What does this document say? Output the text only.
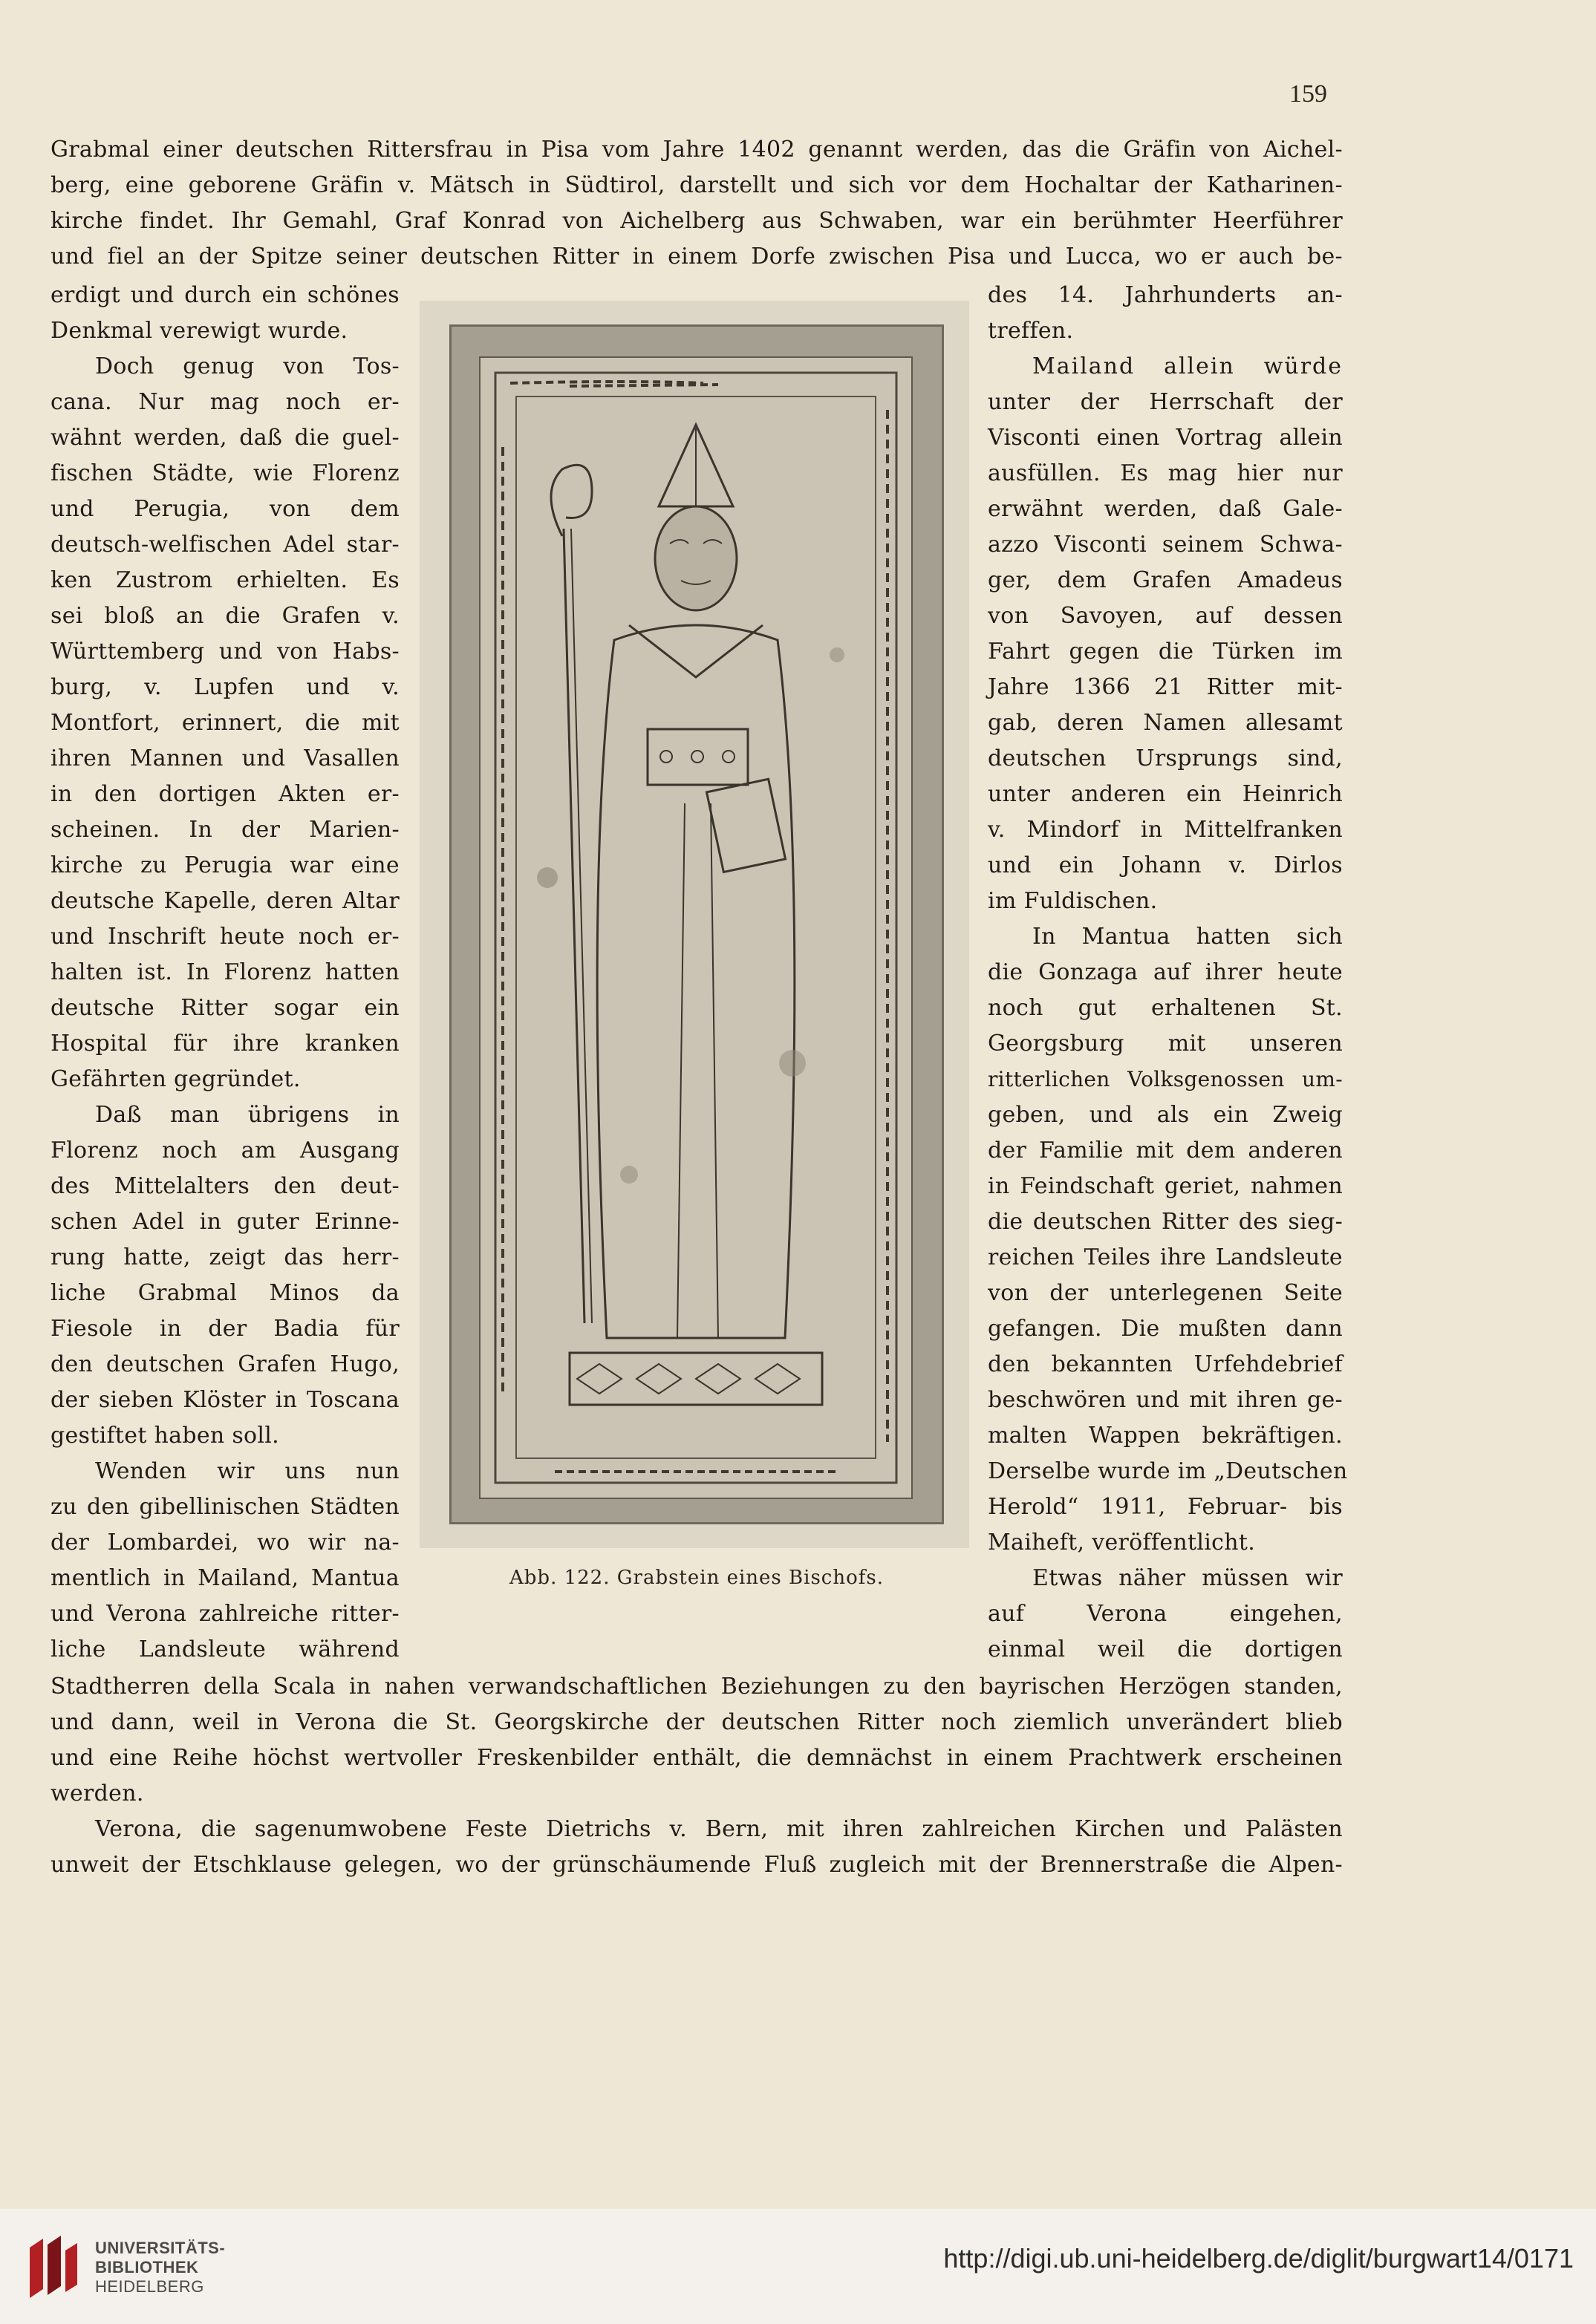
159
Grabmal einer deutschen Rittersfrau in Pisa vom Jahre 1402 genannt werden, das die Gräfin von Aichel-
berg, eine geborene Gräfin v. Mätsch in Südtirol, darstellt und sich vor dem Hochaltar der Katharinen-
kirche findet. Ihr Gemahl, Graf Konrad von Aichelberg aus Schwaben, war ein berühmter Heerführer
und fiel an der Spitze seiner deutschen Ritter in einem Dorfe zwischen Pisa und Lucca, wo er auch be-
erdigt und durch ein schönes
Denkmal verewigt wurde.
Doch genug von Tos-
cana. Nur mag noch er-
wähnt werden, daß die guel-
fischen Städte, wie Florenz
und Perugia, von dem
deutsch-welfischen Adel star-
ken Zustrom erhielten. Es
sei bloß an die Grafen v.
Württemberg und von Habs-
burg, v. Lupfen und v.
Montfort, erinnert, die mit
ihren Mannen und Vasallen
in den dortigen Akten er-
scheinen. In der Marien-
kirche zu Perugia war eine
deutsche Kapelle, deren Altar
und Inschrift heute noch er-
halten ist. In Florenz hatten
deutsche Ritter sogar ein
Hospital für ihre kranken
Gefährten gegründet.
Daß man übrigens in
Florenz noch am Ausgang
des Mittelalters den deut-
schen Adel in guter Erinne-
rung hatte, zeigt das herr-
liche Grabmal Minos da
Fiesole in der Badia für
den deutschen Grafen Hugo,
der sieben Klöster in Toscana
gestiftet haben soll.
Wenden wir uns nun
zu den gibellinischen Städten
der Lombardei, wo wir na-
mentlich in Mailand, Mantua
und Verona zahlreiche ritter-
liche Landsleute während
Abb. 122. Grabstein eines Bischofs.
des 14. Jahrhunderts an-
treffen.
Mailand allein würde
unter der Herrschaft der
Visconti einen Vortrag allein
ausfüllen. Es mag hier nur
erwähnt werden, daß Gale-
azzo Visconti seinem Schwa-
ger, dem Grafen Amadeus
von Savoyen, auf dessen
Fahrt gegen die Türken im
Jahre 1366 21 Ritter mit-
gab, deren Namen allesamt
deutschen Ursprungs sind,
unter anderen ein Heinrich
v. Mindorf in Mittelfranken
und ein Johann v. Dirlos
im Fuldischen.
In Mantua hatten sich
die Gonzaga auf ihrer heute
noch gut erhaltenen St.
Georgsburg mit unseren
ritterlichen Volksgenossen um-
geben, und als ein Zweig
der Familie mit dem anderen
in Feindschaft geriet, nahmen
die deutschen Ritter des sieg-
reichen Teiles ihre Landsleute
von der unterlegenen Seite
gefangen. Die mußten dann
den bekannten Urfehdebrief
beschwören und mit ihren ge-
malten Wappen bekräftigen.
Derselbe wurde im „Deutschen
Herold“ 1911, Februar- bis
Maiheft, veröffentlicht.
Etwas näher müssen wir
auf Verona eingehen,
einmal weil die dortigen
Stadtherren della Scala in nahen verwandschaftlichen Beziehungen zu den bayrischen Herzögen standen,
und dann, weil in Verona die St. Georgskirche der deutschen Ritter noch ziemlich unverändert blieb
und eine Reihe höchst wertvoller Freskenbilder enthält, die demnächst in einem Prachtwerk erscheinen
werden.
Verona, die sagenumwobene Feste Dietrichs v. Bern, mit ihren zahlreichen Kirchen und Palästen
unweit der Etschklause gelegen, wo der grünschäumende Fluß zugleich mit der Brennerstraße die Alpen-
UNIVERSITÄTS-
BIBLIOTHEK
HEIDELBERG
http://digi.ub.uni-heidelberg.de/diglit/burgwart14/0171
